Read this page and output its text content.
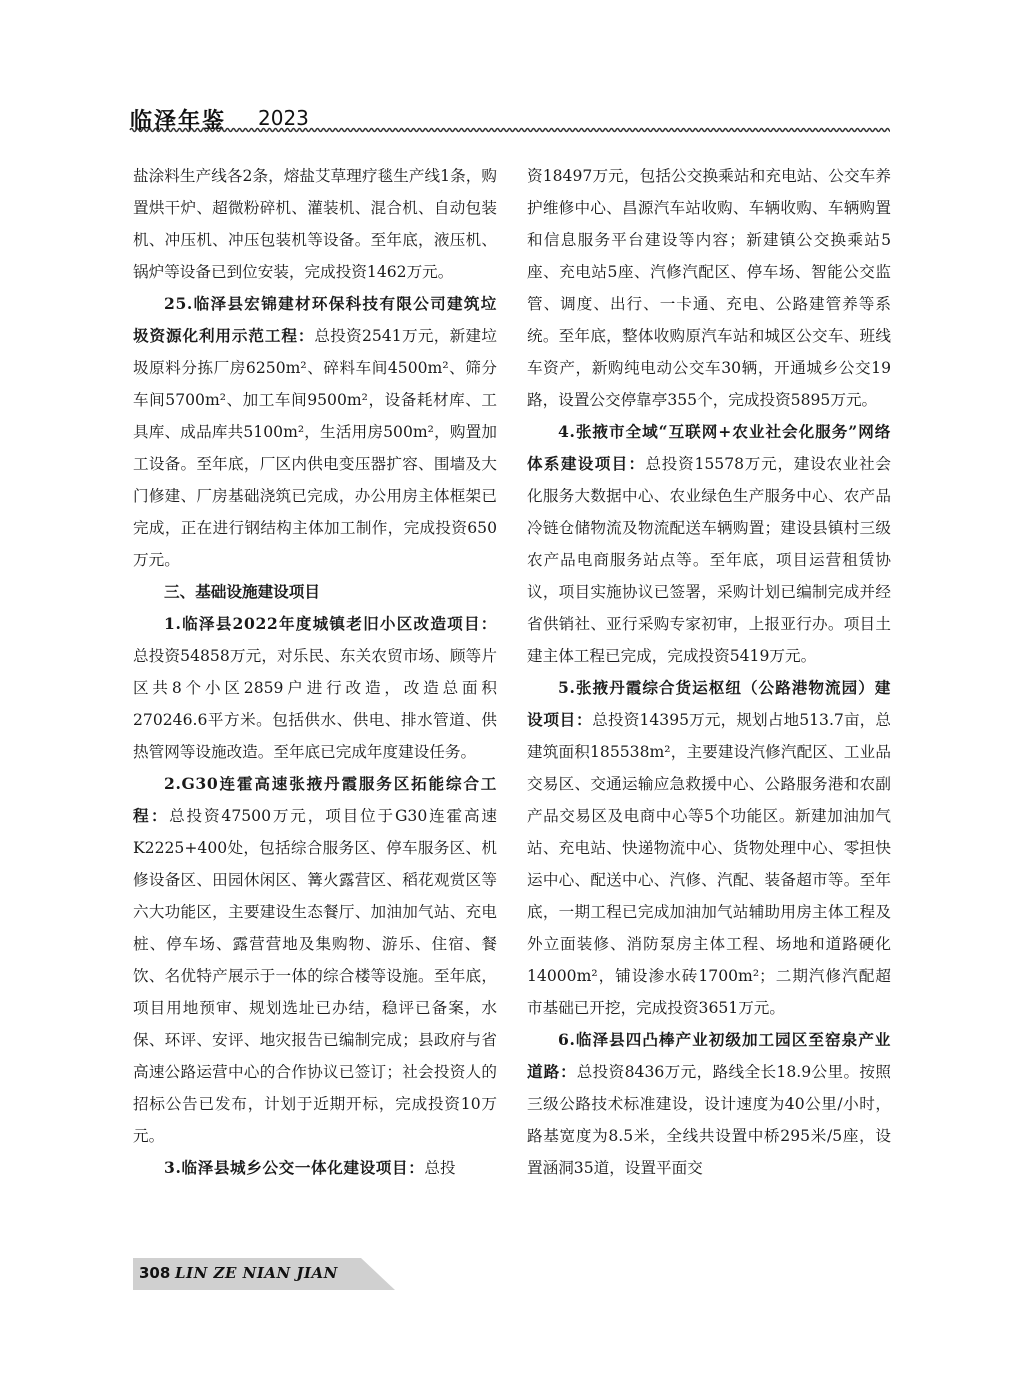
临泽年鉴 2023

盐涂料生产线各2条，熔盐艾草理疗毯生产线1条，购置烘干炉、超微粉碎机、灌装机、混合机、自动包装机、冲压机、冲压包装机等设备。至年底，液压机、锅炉等设备已到位安装，完成投资1462万元。

25.临泽县宏锦建材环保科技有限公司建筑垃圾资源化利用示范工程：总投资2541万元，新建垃圾原料分拣厂房6250m²、碎料车间4500m²、筛分车间5700m²、加工车间9500m²，设备耗材库、工具库、成品库共5100m²，生活用房500m²，购置加工设备。至年底，厂区内供电变压器扩容、围墙及大门修建、厂房基础浇筑已完成，办公用房主体框架已完成，正在进行钢结构主体加工制作，完成投资650万元。

三、基础设施建设项目

1.临泽县2022年度城镇老旧小区改造项目：总投资54858万元，对乐民、东关农贸市场、顾等片区共8个小区2859户进行改造，改造总面积270246.6平方米。包括供水、供电、排水管道、供热管网等设施改造。至年底已完成年度建设任务。

2.G30连霍高速张掖丹霞服务区拓能综合工程：总投资47500万元，项目位于G30连霍高速K2225+400处，包括综合服务区、停车服务区、机修设备区、田园休闲区、篝火露营区、稻花观赏区等六大功能区，主要建设生态餐厅、加油加气站、充电桩、停车场、露营营地及集购物、游乐、住宿、餐饮、名优特产展示于一体的综合楼等设施。至年底，项目用地预审、规划选址已办结，稳评已备案，水保、环评、安评、地灾报告已编制完成；县政府与省高速公路运营中心的合作协议已签订；社会投资人的招标公告已发布，计划于近期开标，完成投资10万元。

3.临泽县城乡公交一体化建设项目：总投

资18497万元，包括公交换乘站和充电站、公交车养护维修中心、昌源汽车站收购、车辆收购、车辆购置和信息服务平台建设等内容；新建镇公交换乘站5座、充电站5座、汽修汽配区、停车场、智能公交监管、调度、出行、一卡通、充电、公路建管养等系统。至年底，整体收购原汽车站和城区公交车、班线车资产，新购纯电动公交车30辆，开通城乡公交19路，设置公交停靠亭355个，完成投资5895万元。

4.张掖市全域“互联网+农业社会化服务”网络体系建设项目：总投资15578万元，建设农业社会化服务大数据中心、农业绿色生产服务中心、农产品冷链仓储物流及物流配送车辆购置；建设县镇村三级农产品电商服务站点等。至年底，项目运营租赁协议，项目实施协议已签署，采购计划已编制完成并经省供销社、亚行采购专家初审，上报亚行办。项目土建主体工程已完成，完成投资5419万元。

5.张掖丹霞综合货运枢纽（公路港物流园）建设项目：总投资14395万元，规划占地513.7亩，总建筑面积185538m²，主要建设汽修汽配区、工业品交易区、交通运输应急救援中心、公路服务港和农副产品交易区及电商中心等5个功能区。新建加油加气站、充电站、快递物流中心、货物处理中心、零担快运中心、配送中心、汽修、汽配、装备超市等。至年底，一期工程已完成加油加气站辅助用房主体工程及外立面装修、消防泵房主体工程、场地和道路硬化14000m²，铺设渗水砖1700m²；二期汽修汽配超市基础已开挖，完成投资3651万元。

6.临泽县四凸棒产业初级加工园区至窑泉产业道路：总投资8436万元，路线全长18.9公里。按照三级公路技术标准建设，设计速度为40公里/小时，路基宽度为8.5米，全线共设置中桥295米/5座，设置涵洞35道，设置平面交

308 LIN ZE NIAN JIAN
